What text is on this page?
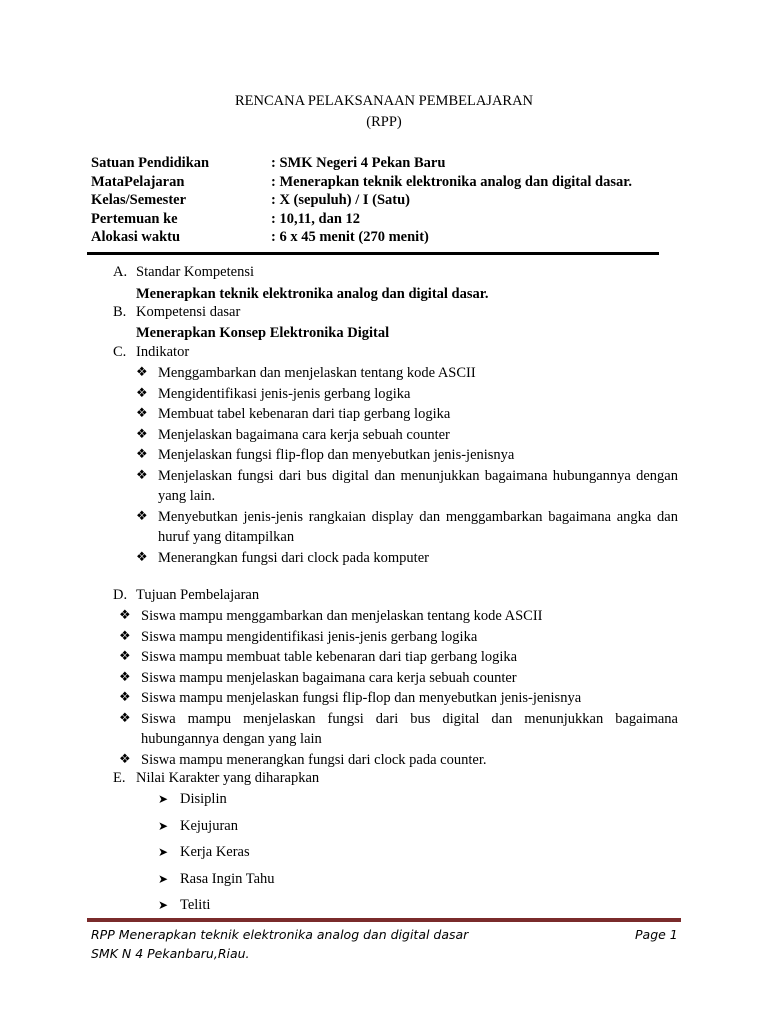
RENCANA PELAKSANAAN PEMBELAJARAN
(RPP)
Satuan Pendidikan	: SMK Negeri 4 Pekan Baru
MataPelajaran	: Menerapkan teknik elektronika analog dan digital dasar.
Kelas/Semester	: X (sepuluh) / I (Satu)
Pertemuan ke	: 10,11, dan 12
Alokasi waktu	: 6 x 45 menit (270 menit)
A. Standar Kompetensi
Menerapkan teknik elektronika analog dan digital dasar.
B. Kompetensi dasar
Menerapkan Konsep Elektronika Digital
C. Indikator
❖ Menggambarkan dan menjelaskan tentang kode ASCII
❖ Mengidentifikasi jenis-jenis gerbang logika
❖ Membuat tabel kebenaran dari tiap gerbang logika
❖ Menjelaskan bagaimana cara kerja sebuah counter
❖ Menjelaskan fungsi flip-flop dan menyebutkan jenis-jenisnya
❖ Menjelaskan fungsi dari bus digital dan menunjukkan bagaimana hubungannya dengan yang lain.
❖ Menyebutkan jenis-jenis rangkaian display dan menggambarkan bagaimana angka dan huruf yang ditampilkan
❖ Menerangkan fungsi dari clock pada komputer
D. Tujuan Pembelajaran
❖ Siswa mampu menggambarkan dan menjelaskan tentang kode ASCII
❖ Siswa mampu mengidentifikasi jenis-jenis gerbang logika
❖ Siswa mampu membuat table kebenaran dari tiap gerbang logika
❖ Siswa mampu menjelaskan bagaimana cara kerja sebuah counter
❖ Siswa mampu menjelaskan fungsi flip-flop dan menyebutkan jenis-jenisnya
❖ Siswa mampu menjelaskan fungsi dari bus digital dan menunjukkan bagaimana hubungannya dengan yang lain
❖ Siswa mampu menerangkan fungsi dari clock pada counter.
E. Nilai Karakter yang diharapkan
➤ Disiplin
➤ Kejujuran
➤ Kerja Keras
➤ Rasa Ingin Tahu
➤ Teliti
RPP Menerapkan teknik elektronika analog dan digital dasar
SMK N 4 Pekanbaru,Riau.
Page 1
